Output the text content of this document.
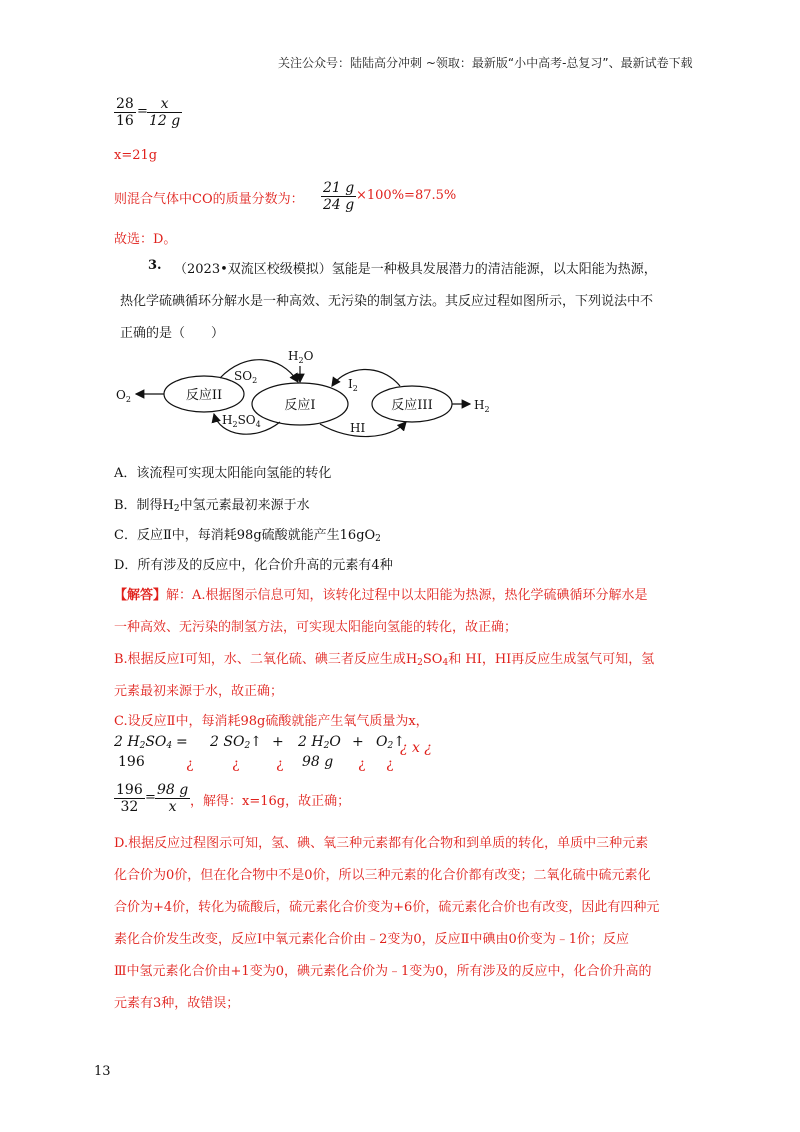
关注公众号：陆陆高分冲刺 ~领取：最新版“小中高考-总复习”、最新试卷下载
$\frac{28}{16} = \frac{x}{12 g}$
x=21g
则混合气体中CO的质量分数为： $\frac{21 g}{24 g} \times 100\%=87.5\%$
故选：D。
3. （2023•双流区校级模拟）氢能是一种极具发展潜力的清洁能源，以太阳能为热源，
热化学硫碘循环分解水是一种高效、无污染的制氢方法。其反应过程如图所示，下列说法中不
正确的是（　　）
反应II
反应I	反应III
$O_2$	$H_2$
$H_2O$
$SO_2$
$H_2SO_4$
$I_2$
HI
A．该流程可实现太阳能向氢能的转化
B．制得$H_2$中氢元素最初来源于水
C．反应Ⅱ中，每消耗98g硫酸就能产生$16gO_2$
D．所有涉及的反应中，化合价升高的元素有4种
【解答】解：A.根据图示信息可知，该转化过程中以太阳能为热源，热化学硫碘循环分解水是
一种高效、无污染的制氢方法，可实现太阳能向氢能的转化，故正确；
B.根据反应Ⅰ可知，水、二氧化硫、碘三者反应生成$H_2SO_4$和 HI，HI再反应生成氢气可知，氢
元素最初来源于水，故正确；
C.设反应Ⅱ中，每消耗98g硫酸就能产生氧气质量为x，
2 $H_2SO_4 = 2$ $SO_2↑ + 2$ $H_2O$ + $O_2↑$
¿ x ¿
196	¿	¿	¿ 98 g ¿ ¿
$\frac{196}{32} = \frac{98 g}{x}$ ，解得：x=16g，故正确；
D.根据反应过程图示可知，氢、碘、氧三种元素都有化合物和到单质的转化，单质中三种元素
化合价为0价，但在化合物中不是0价，所以三种元素的化合价都有改变；二氧化硫中硫元素化
合价为+4价，转化为硫酸后，硫元素化合价变为+6价，硫元素化合价也有改变，因此有四种元
素化合价发生改变，反应Ⅰ中氧元素化合价由﹣2变为0，反应Ⅱ中碘由0价变为﹣1价；反应
Ⅲ中氢元素化合价由+1变为0，碘元素化合价为﹣1变为0，所有涉及的反应中，化合价升高的
元素有3种，故错误；
13
